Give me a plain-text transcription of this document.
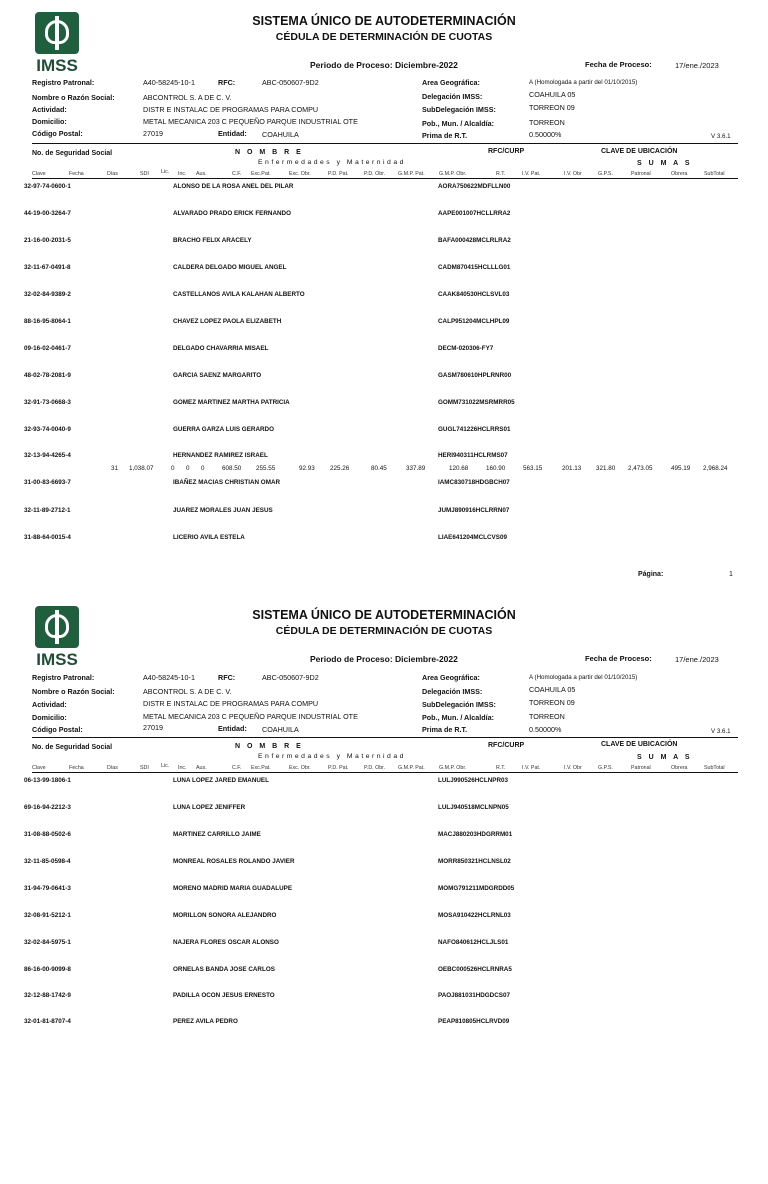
IMSS
SISTEMA ÚNICO DE AUTODETERMINACIÓN
CÉDULA DE DETERMINACIÓN DE CUOTAS
Periodo de Proceso: Diciembre-2022	Fecha de Proceso:	17/ene./2023
Registro Patronal:	A40-58245-10-1	RFC:	ABC-050607-9D2
Nombre o Razón Social:	ABCONTROL S. A DE C. V.
Actividad:	DISTR E INSTALAC DE PROGRAMAS PARA COMPU
Domicilio:	METAL MECANICA 203 C PEQUEÑO PARQUE INDUSTRIAL OTE
Código Postal:	27019	Entidad: COAHUILA
Area Geográfica:	A (Homologada a partir del 01/10/2015)
Delegación IMSS:	COAHUILA 05
SubDelegación IMSS:	TORREON 09
Pob., Mun. / Alcaldía:	TORREON
Prima de R.T.	0.50000%	V 3.6.1
No. de Seguridad Social	N O M B R E	RFC/CURP	CLAVE DE UBICACIÓN
Enfermedades y Maternidad	S U M A S
Clave	Fecha	Días	SDI Lic. Inc. Aus.	C.F. Exc.Pat.	Exc. Obr.	P.D. Pat.	P.D. Obr. G.M.P. Pat.	G.M.P. Obr.	R.T.	I.V. Pat.	I.V. Obr	G.P.S.	Patronal	Obrera	SubTotal
32-97-74-0600-1	ALONSO DE LA ROSA ANEL DEL PILAR	AORA750622MDFLLN00
44-19-00-3264-7	ALVARADO PRADO ERICK FERNANDO	AAPE001007HCLLRRA2
21-16-00-2031-5	BRACHO FELIX ARACELY	BAFA000428MCLRLRA2
32-11-67-0491-8	CALDERA DELGADO MIGUEL ANGEL	CADM870415HCLLLG01
32-02-84-9389-2	CASTELLANOS AVILA KALAHAN ALBERTO	CAAK840530HCLSVL03
88-16-95-8064-1	CHAVEZ LOPEZ PAOLA ELIZABETH	CALP951204MCLHPL09
09-16-02-0461-7	DELGADO CHAVARRIA MISAEL	DECM-020306-FY7
48-02-78-2081-9	GARCIA SAENZ MARGARITO	GASM780610HPLRNR00
32-91-73-0668-3	GOMEZ MARTINEZ MARTHA PATRICIA	GOMM731022MSRMRR05
32-93-74-0040-9	GUERRA GARZA LUIS GERARDO	GUGL741226HCLRRS01
32-13-94-4265-4	HERNANDEZ RAMIREZ ISRAEL	HERI940311HCLRMS07
31 1,038.07	0 0 0	608.50 255.55	92.93 225.26	80.45	337.89	120.68	160.90	563.15	201.13 321.80 2,473.05	495.19 2,968.24
31-00-83-6693-7	IBAÑEZ MACIAS CHRISTIAN OMAR	IAMC830718HDGBCH07
32-11-89-2712-1	JUAREZ MORALES JUAN JESUS	JUMJ890916HCLRRN07
31-88-64-0015-4	LICERIO AVILA ESTELA	LIAE641204MCLCVS09
Página:	1
IMSS
SISTEMA ÚNICO DE AUTODETERMINACIÓN
CÉDULA DE DETERMINACIÓN DE CUOTAS
Periodo de Proceso: Diciembre-2022	Fecha de Proceso:	17/ene./2023
Registro Patronal:	A40-58245-10-1	RFC:	ABC-050607-9D2
Nombre o Razón Social:	ABCONTROL S. A DE C. V.
Actividad:	DISTR E INSTALAC DE PROGRAMAS PARA COMPU
Domicilio:	METAL MECANICA 203 C PEQUEÑO PARQUE INDUSTRIAL OTE
Código Postal:	27019	Entidad: COAHUILA
Area Geográfica:	A (Homologada a partir del 01/10/2015)
Delegación IMSS:	COAHUILA 05
SubDelegación IMSS:	TORREON 09
Pob., Mun. / Alcaldía:	TORREON
Prima de R.T.	0.50000%	V 3.6.1
No. de Seguridad Social	N O M B R E	RFC/CURP	CLAVE DE UBICACIÓN
Enfermedades y Maternidad	S U M A S
Clave	Fecha	Días	SDI Lic. Inc. Aus.	C.F. Exc.Pat.	Exc. Obr.	P.D. Pat.	P.D. Obr. G.M.P. Pat.	G.M.P. Obr.	R.T.	I.V. Pat.	I.V. Obr	G.P.S.	Patronal	Obrera	SubTotal
06-13-99-1806-1	LUNA LOPEZ JARED EMANUEL	LULJ990526HCLNPR03
69-16-94-2212-3	LUNA LOPEZ JENIFFER	LULJ940518MCLNPN05
31-08-88-0502-6	MARTINEZ CARRILLO JAIME	MACJ880203HDGRRM01
32-11-85-0598-4	MONREAL ROSALES ROLANDO JAVIER	MORR850321HCLNSL02
31-94-79-0641-3	MORENO MADRID MARIA GUADALUPE	MOMG791211MDGRDD05
32-08-91-5212-1	MORILLON SONORA ALEJANDRO	MOSA910422HCLRNL03
32-02-84-5975-1	NAJERA FLORES OSCAR ALONSO	NAFO840612HCLJLS01
86-16-00-9099-8	ORNELAS BANDA JOSE CARLOS	OEBC000526HCLRNRA5
32-12-88-1742-9	PADILLA OCON JESUS ERNESTO	PAOJ881031HDGDCS07
32-01-81-8707-4	PEREZ AVILA PEDRO	PEAP810805HCLRVD09
